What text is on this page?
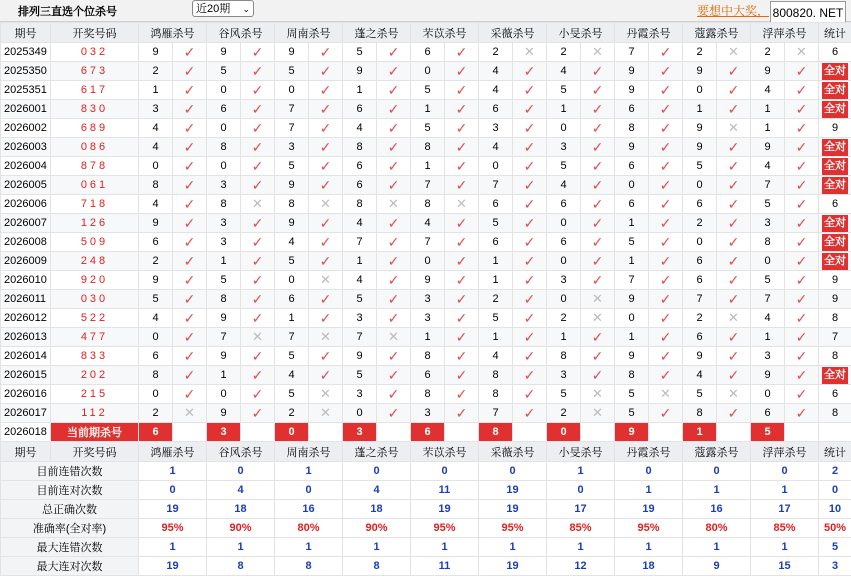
排列三直选个位杀号	近20期 ⌄	要想中大奖， 800820. NET
期号	开奖号码	鸿雁杀号		谷风杀号		周南杀号		蓬之杀号		芣苡杀号		采薇杀号		小旻杀号		丹霞杀号		蔻露杀号		浮萍杀号		统计
2025349	032	9	✓	9	✓	9	✓	5	✓	6	✓	2	✕	2	✕	7	✓	2	✕	2	✕	6
2025350	673	2	✓	5	✓	5	✓	9	✓	0	✓	4	✓	4	✓	9	✓	9	✓	9	✓	全对
2025351	617	1	✓	0	✓	0	✓	1	✓	5	✓	4	✓	5	✓	9	✓	0	✓	4	✓	全对
2026001	830	3	✓	6	✓	7	✓	6	✓	1	✓	6	✓	1	✓	6	✓	1	✓	1	✓	全对
2026002	689	4	✓	0	✓	7	✓	4	✓	5	✓	3	✓	0	✓	8	✓	9	✕	1	✓	9
2026003	086	4	✓	8	✓	3	✓	8	✓	8	✓	4	✓	3	✓	9	✓	9	✓	9	✓	全对
2026004	878	0	✓	0	✓	5	✓	6	✓	1	✓	0	✓	5	✓	6	✓	5	✓	4	✓	全对
2026005	061	8	✓	3	✓	9	✓	6	✓	7	✓	7	✓	4	✓	0	✓	0	✓	7	✓	全对
2026006	718	4	✓	8	✕	8	✕	8	✕	8	✕	6	✓	6	✓	6	✓	6	✓	5	✓	6
2026007	126	9	✓	3	✓	9	✓	4	✓	4	✓	5	✓	0	✓	1	✓	2	✓	3	✓	全对
2026008	509	6	✓	3	✓	4	✓	7	✓	7	✓	6	✓	6	✓	5	✓	0	✓	8	✓	全对
2026009	248	2	✓	1	✓	5	✓	1	✓	0	✓	1	✓	0	✓	1	✓	6	✓	0	✓	全对
2026010	920	9	✓	5	✓	0	✕	4	✓	9	✓	1	✓	3	✓	7	✓	6	✓	5	✓	9
2026011	030	5	✓	8	✓	6	✓	5	✓	3	✓	2	✓	0	✕	9	✓	7	✓	7	✓	9
2026012	522	4	✓	9	✓	1	✓	3	✓	3	✓	5	✓	2	✕	0	✓	2	✕	4	✓	8
2026013	477	0	✓	7	✕	7	✕	7	✕	1	✓	1	✓	1	✓	1	✓	6	✓	1	✓	7
2026014	833	6	✓	9	✓	5	✓	9	✓	8	✓	4	✓	8	✓	9	✓	9	✓	3	✓	8
2026015	202	8	✓	1	✓	4	✓	5	✓	6	✓	8	✓	3	✓	8	✓	4	✓	9	✓	全对
2026016	215	0	✓	0	✓	5	✕	3	✓	8	✓	8	✓	5	✕	5	✕	5	✕	0	✓	6
2026017	112	2	✕	9	✓	2	✕	0	✓	3	✓	7	✓	2	✕	5	✓	8	✓	6	✓	8
2026018	当前期杀号	6		3		0		3		6		8		0		9		1		5		
期号	开奖号码	鸿雁杀号		谷风杀号		周南杀号		蓬之杀号		芣苡杀号		采薇杀号		小旻杀号		丹霞杀号		蔻露杀号		浮萍杀号		统计
目前连错次数		1		0		1		0		0		0		1		0		0		0		2
目前连对次数		0		4		0		4		11		19		0		1		1		1		0
总正确次数		19		18		16		18		19		19		17		19		16		17		10
准确率(全对率)		95%		90%		80%		90%		95%		95%		85%		95%		80%		85%		50%
最大连错次数		1		1		1		1		1		1		1		1		1		1		5
最大连对次数		19		8		8		8		11		19		12		18		9		15		3
